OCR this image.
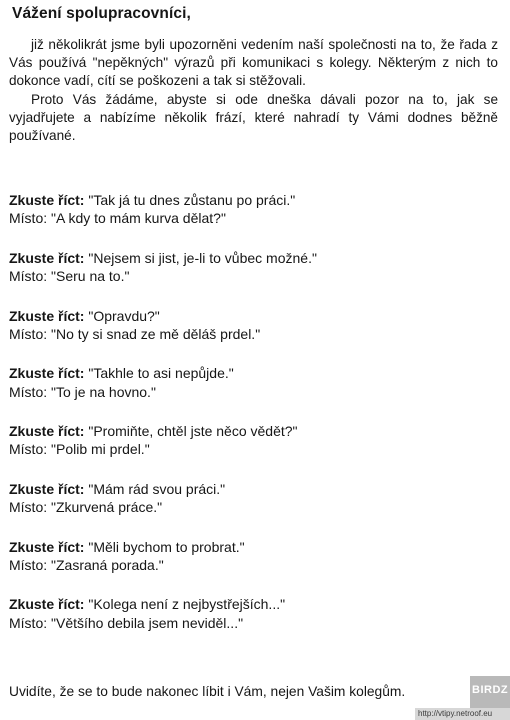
Vážení spolupracovníci,

již několikrát jsme byli upozorněni vedením naší společnosti na to, že řada z Vás používá "nepěkných" výrazů při komunikaci s kolegy. Některým z nich to dokonce vadí, cítí se poškozeni a tak si stěžovali.

Proto Vás žádáme, abyste si ode dneška dávali pozor na to, jak se vyjadřujete a nabízíme několik frází, které nahradí ty Vámi dodnes běžně používané.

Zkuste říct: "Tak já tu dnes zůstanu po práci."
Místo: "A kdy to mám kurva dělat?"
Zkuste říct: "Nejsem si jist, je-li to vůbec možné."
Místo: "Seru na to."
Zkuste říct: "Opravdu?"
Místo: "No ty si snad ze mě děláš prdel."
Zkuste říct: "Takhle to asi nepůjde."
Místo: "To je na hovno."
Zkuste říct: "Promiňte, chtěl jste něco vědět?"
Místo: "Polib mi prdel."
Zkuste říct: "Mám rád svou práci."
Místo: "Zkurvená práce."
Zkuste říct: "Měli bychom to probrat."
Místo: "Zasraná porada."
Zkuste říct: "Kolega není z nejbystřejších..."
Místo: "Většího debila jsem neviděl..."
Uvidíte, že se to bude nakonec líbit i Vám, nejen Vašim kolegům.	BIRDZ
http://vtipy.netroof.eu
